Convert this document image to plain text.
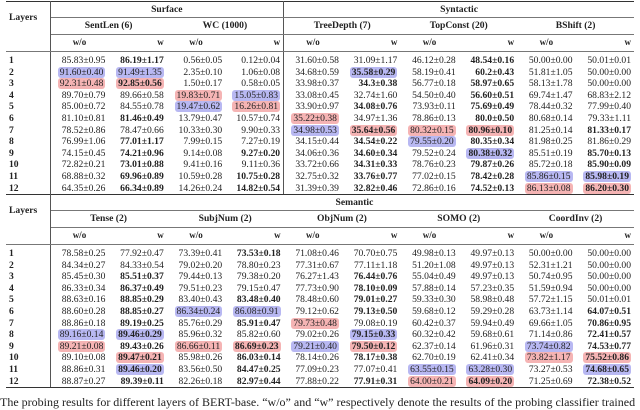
Layers	Surface				Syntactic					
	SentLen (6)		WC (1000)		TreeDepth (7)		TopConst (20)		BShift (2)	
	w/o	w	w/o	w	w/o	w	w/o	w	w/o	w
1	85.83±0.95	86.19±1.17	0.56±0.05	0.12±0.04	31.60±0.58	31.09±1.17	46.12±0.28	48.54±0.16	50.00±0.00	50.01±0.01
2	91.60±0.40	91.49±1.35	2.35±0.10	1.06±0.08	34.68±0.59	35.58±0.29	58.19±0.41	60.2±0.43	51.81±1.05	50.00±0.00
3	92.31±0.48	92.85±0.56	1.50±0.17	0.58±0.05	33.98±0.37	34.3±0.38	56.77±0.18	58.97±0.65	58.13±1.78	50.00±0.00
4	89.70±0.79	89.66±0.58	19.83±0.71	15.05±0.83	33.08±0.45	32.74±1.60	54.50±0.40	56.60±0.51	69.74±1.47	68.83±2.12
5	85.00±0.72	84.55±0.78	19.47±0.62	16.26±0.81	33.90±0.97	34.08±0.76	73.93±0.11	75.69±0.49	78.44±0.32	77.99±0.40
6	81.10±0.81	81.46±0.49	13.79±0.47	10.57±0.74	35.22±0.38	34.97±1.36	78.86±0.13	80.0±0.50	80.68±0.14	79.33±1.11
7	78.52±0.86	78.47±0.66	10.33±0.30	9.90±0.33	34.98±0.53	35.64±0.56	80.32±0.15	80.96±0.10	81.25±0.14	81.33±0.17
8	76.99±1.06	77.01±1.17	7.99±0.15	7.27±0.19	34.15±0.44	34.54±0.22	79.55±0.20	80.35±0.34	81.98±0.25	81.86±0.29
9	74.15±0.45	74.21±0.96	9.14±0.08	9.27±0.20	34.06±0.36	34.60±0.34	79.52±0.24	80.38±0.32	85.51±0.19	85.70±0.13
10	72.82±0.21	73.01±0.88	9.41±0.16	9.11±0.36	33.72±0.66	34.31±0.33	78.76±0.23	79.87±0.26	85.72±0.18	85.90±0.09
11	68.88±0.32	69.96±0.89	10.59±0.28	10.75±0.28	32.75±0.32	33.76±0.77	77.02±0.15	78.42±0.28	85.86±0.15	85.98±0.19
12	64.35±0.26	66.34±0.89	14.26±0.24	14.82±0.54	31.39±0.39	32.82±0.46	72.86±0.16	74.52±0.13	86.13±0.08	86.20±0.30
Layers	Semantic									
	Tense (2)		SubjNum (2)		ObjNum (2)		SOMO (2)		CoordInv (2)	
	w/o	w	w/o	w	w/o	w	w/o	w	w/o	w
1	78.58±0.25	77.92±0.47	73.39±0.41	73.53±0.18	71.08±0.46	70.70±0.75	49.98±0.13	49.97±0.13	50.00±0.00	50.00±0.00
2	84.34±0.27	84.33±0.54	79.02±0.20	78.80±0.23	77.31±0.67	77.11±1.18	51.20±1.08	49.97±0.13	52.31±1.21	50.00±0.00
3	85.45±0.30	85.51±0.37	79.44±0.13	79.38±0.20	76.27±1.43	76.44±0.76	55.04±0.49	49.97±0.13	50.74±0.95	50.00±0.00
4	86.33±0.34	86.37±0.49	79.51±0.23	79.15±0.47	77.73±0.90	78.10±0.09	57.88±0.14	57.23±0.35	51.59±0.94	50.00±0.00
5	88.63±0.16	88.85±0.29	83.40±0.43	83.48±0.40	78.48±0.60	79.01±0.27	59.33±0.30	58.98±0.48	57.72±1.15	50.01±0.01
6	88.60±0.28	88.85±0.27	86.34±0.24	86.08±0.91	79.12±0.62	79.13±0.50	59.68±0.12	59.29±0.28	63.73±1.14	64.07±0.51
7	88.86±0.18	89.19±0.25	85.76±0.29	85.91±0.47	79.73±0.48	79.08±0.19	60.42±0.37	59.94±0.49	69.66±1.05	70.86±0.95
8	89.16±0.14	89.46±0.29	85.96±0.32	85.82±0.60	79.02±0.26	79.15±0.33	60.32±0.42	59.68±0.61	71.14±0.86	72.41±0.57
9	89.21±0.08	89.43±0.26	86.66±0.11	86.69±0.23	79.21±0.40	79.50±0.12	62.37±0.14	61.96±0.31	73.74±0.82	74.53±0.77
10	89.10±0.08	89.47±0.21	85.98±0.26	86.03±0.14	78.14±0.26	78.17±0.38	62.70±0.19	62.41±0.34	73.82±1.17	75.52±0.86
11	88.86±0.31	89.46±0.20	83.56±0.50	84.47±0.25	77.09±0.23	77.07±0.41	63.55±0.15	63.28±0.30	73.27±0.53	74.68±0.65
12	88.87±0.27	89.39±0.11	82.26±0.18	82.97±0.44	77.88±0.22	77.91±0.31	64.00±0.21	64.09±0.20	71.25±0.69	72.38±0.52
The probing results for different layers of BERT-base. “w/o” and “w” respectively denote the results of the probing classifier trained
